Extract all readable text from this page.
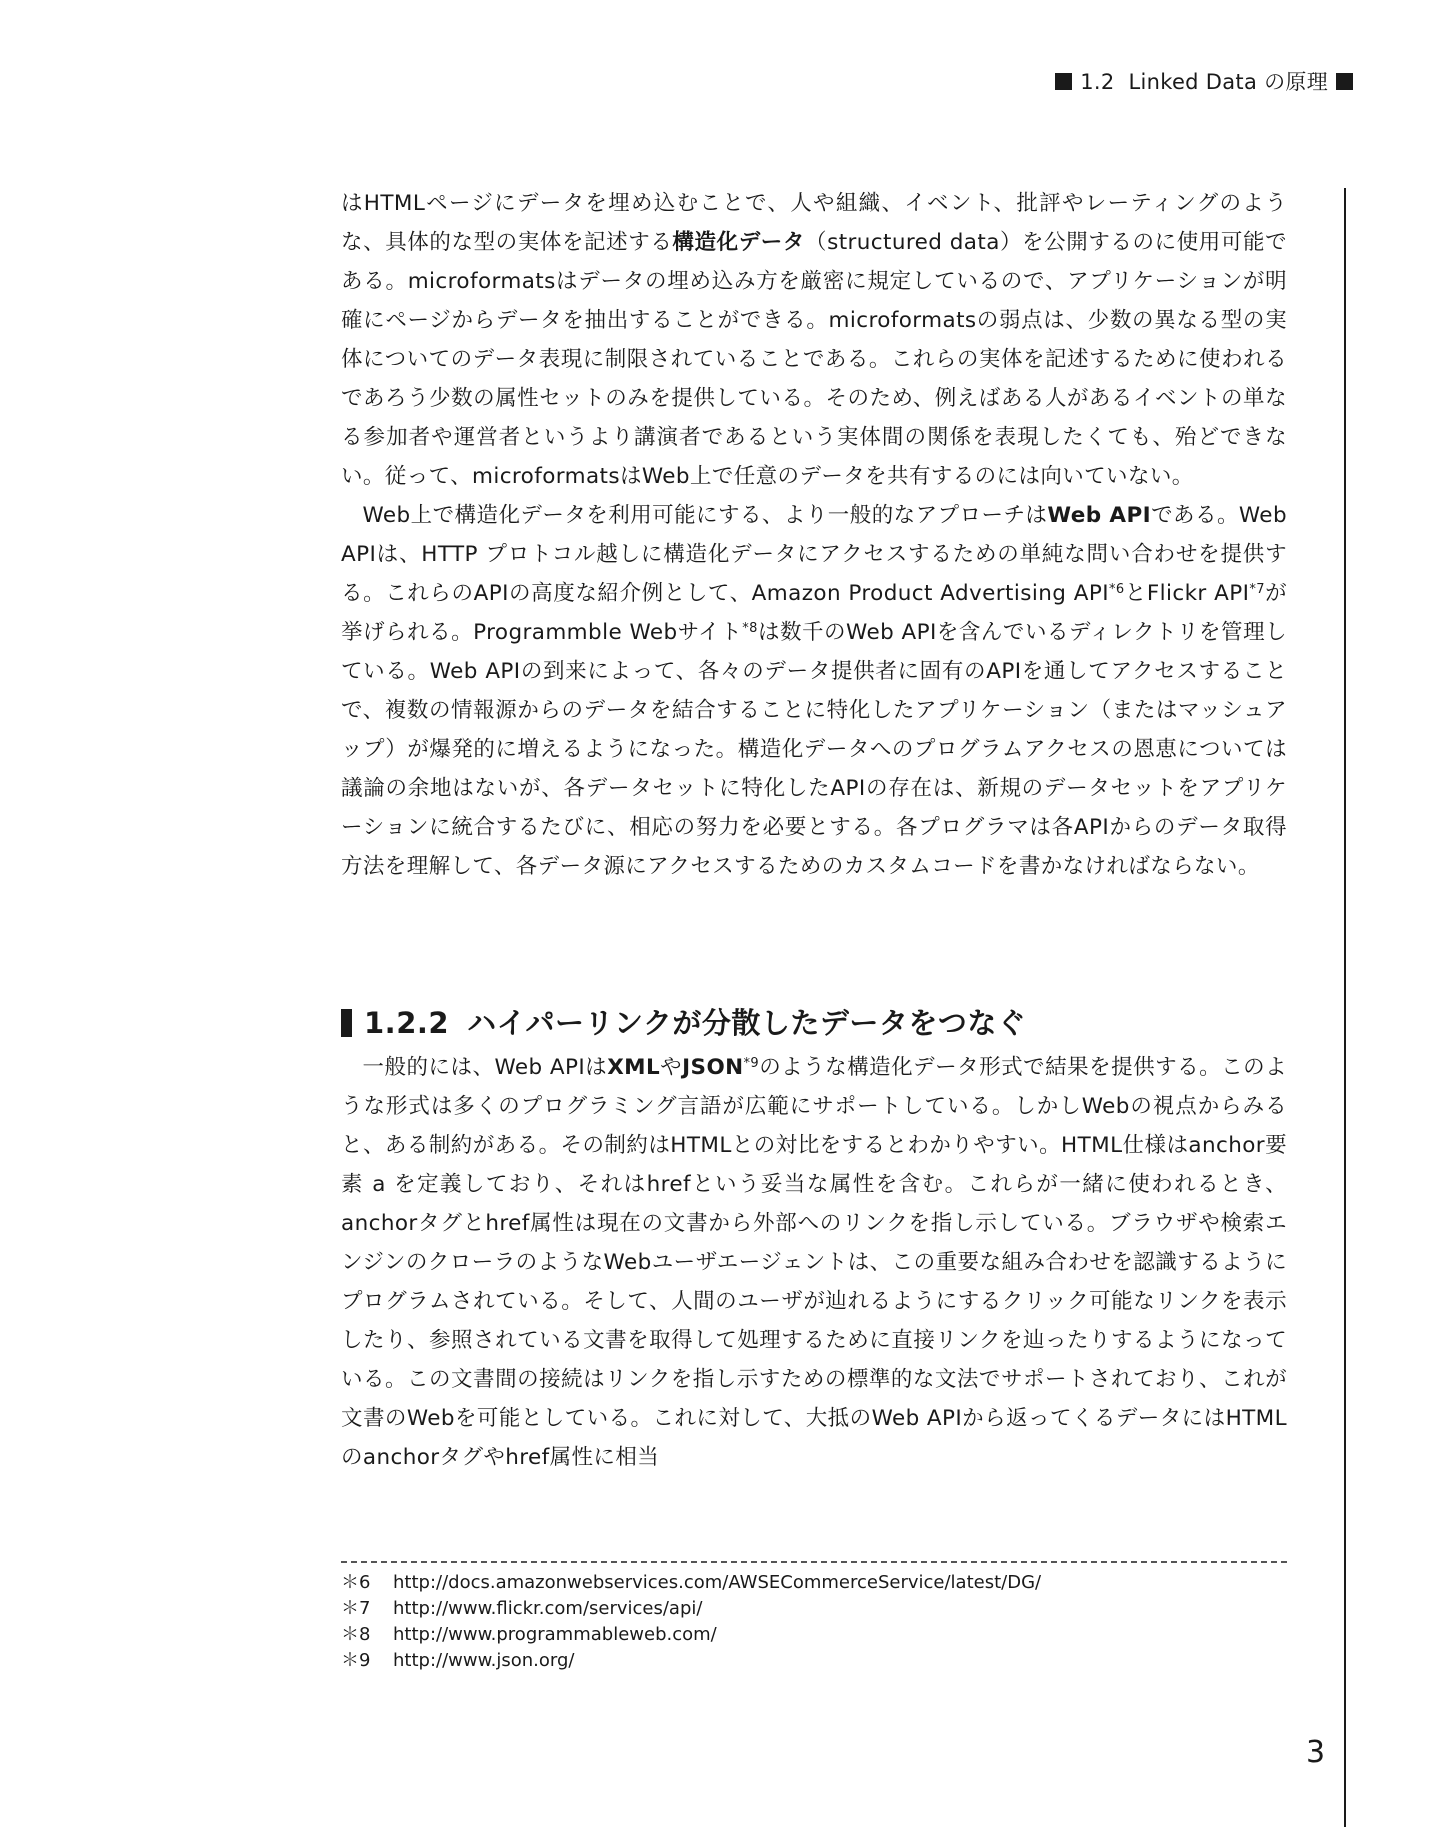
1.2 Linked Data の原理

はHTMLページにデータを埋め込むことで、人や組織、イベント、批評やレーティングのような、具体的な型の実体を記述する構造化データ（structured data）を公開するのに使用可能である。microformatsはデータの埋め込み方を厳密に規定しているので、アプリケーションが明確にページからデータを抽出することができる。microformatsの弱点は、少数の異なる型の実体についてのデータ表現に制限されていることである。これらの実体を記述するために使われるであろう少数の属性セットのみを提供している。そのため、例えばある人があるイベントの単なる参加者や運営者というより講演者であるという実体間の関係を表現したくても、殆どできない。従って、microformatsはWeb上で任意のデータを共有するのには向いていない。

Web上で構造化データを利用可能にする、より一般的なアプローチはWeb APIである。Web APIは、HTTP プロトコル越しに構造化データにアクセスするための単純な問い合わせを提供する。これらのAPIの高度な紹介例として、Amazon Product Advertising API$^{*6}$とFlickr API$^{*7}$が挙げられる。Programmble Webサイト$^{*8}$は数千のWeb APIを含んでいるディレクトリを管理している。Web APIの到来によって、各々のデータ提供者に固有のAPIを通してアクセスすることで、複数の情報源からのデータを結合することに特化したアプリケーション（またはマッシュアップ）が爆発的に増えるようになった。構造化データへのプログラムアクセスの恩恵については議論の余地はないが、各データセットに特化したAPIの存在は、新規のデータセットをアプリケーションに統合するたびに、相応の努力を必要とする。各プログラマは各APIからのデータ取得方法を理解して、各データ源にアクセスするためのカスタムコードを書かなければならない。

1.2.2 ハイパーリンクが分散したデータをつなぐ

一般的には、Web APIはXMLやJSON$^{*9}$のような構造化データ形式で結果を提供する。このような形式は多くのプログラミング言語が広範にサポートしている。しかしWebの視点からみると、ある制約がある。その制約はHTMLとの対比をするとわかりやすい。HTML仕様はanchor要素 a を定義しており、それはhrefという妥当な属性を含む。これらが一緒に使われるとき、anchorタグとhref属性は現在の文書から外部へのリンクを指し示している。ブラウザや検索エンジンのクローラのようなWebユーザエージェントは、この重要な組み合わせを認識するようにプログラムされている。そして、人間のユーザが辿れるようにするクリック可能なリンクを表示したり、参照されている文書を取得して処理するために直接リンクを辿ったりするようになっている。この文書間の接続はリンクを指し示すための標準的な文法でサポートされており、これが文書のWebを可能としている。これに対して、大抵のWeb APIから返ってくるデータにはHTMLのanchorタグやhref属性に相当

＊6 http://docs.amazonwebservices.com/AWSECommerceService/latest/DG/
＊7 http://www.flickr.com/services/api/
＊8 http://www.programmableweb.com/
＊9 http://www.json.org/
3
